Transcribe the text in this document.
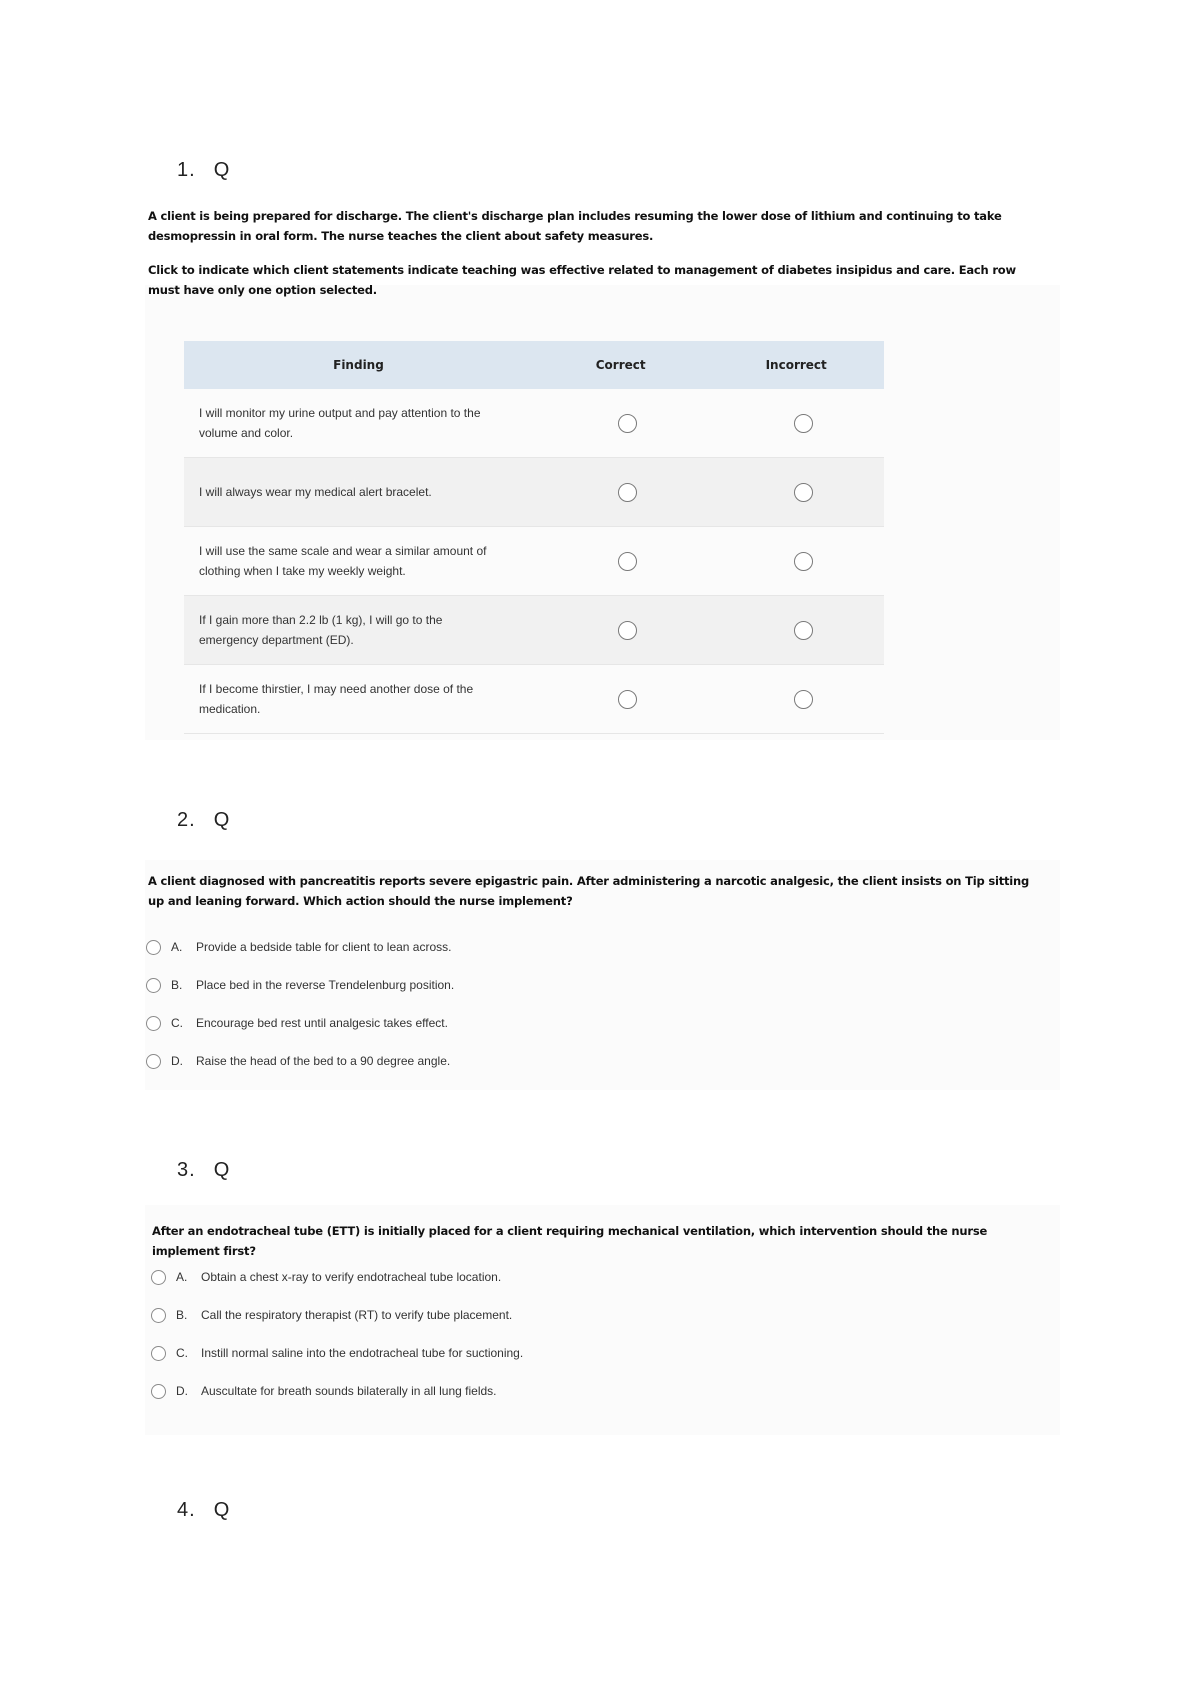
1. Q
A client is being prepared for discharge. The client's discharge plan includes resuming the lower dose of lithium and continuing to take desmopressin in oral form. The nurse teaches the client about safety measures.
Click to indicate which client statements indicate teaching was effective related to management of diabetes insipidus and care. Each row must have only one option selected.
Finding	Correct	Incorrect
I will monitor my urine output and pay attention to the volume and color.		
I will always wear my medical alert bracelet.		
I will use the same scale and wear a similar amount of clothing when I take my weekly weight.		
If I gain more than 2.2 lb (1 kg), I will go to the emergency department (ED).		
If I become thirstier, I may need another dose of the medication.		
2. Q
A client diagnosed with pancreatitis reports severe epigastric pain. After administering a narcotic analgesic, the client insists on Tip sitting up and leaning forward. Which action should the nurse implement?
A.	Provide a bedside table for client to lean across.
B.	Place bed in the reverse Trendelenburg position.
C.	Encourage bed rest until analgesic takes effect.
D.	Raise the head of the bed to a 90 degree angle.
3. Q
After an endotracheal tube (ETT) is initially placed for a client requiring mechanical ventilation, which intervention should the nurse implement first?
A.	Obtain a chest x-ray to verify endotracheal tube location.
B.	Call the respiratory therapist (RT) to verify tube placement.
C.	Instill normal saline into the endotracheal tube for suctioning.
D.	Auscultate for breath sounds bilaterally in all lung fields.
4. Q
